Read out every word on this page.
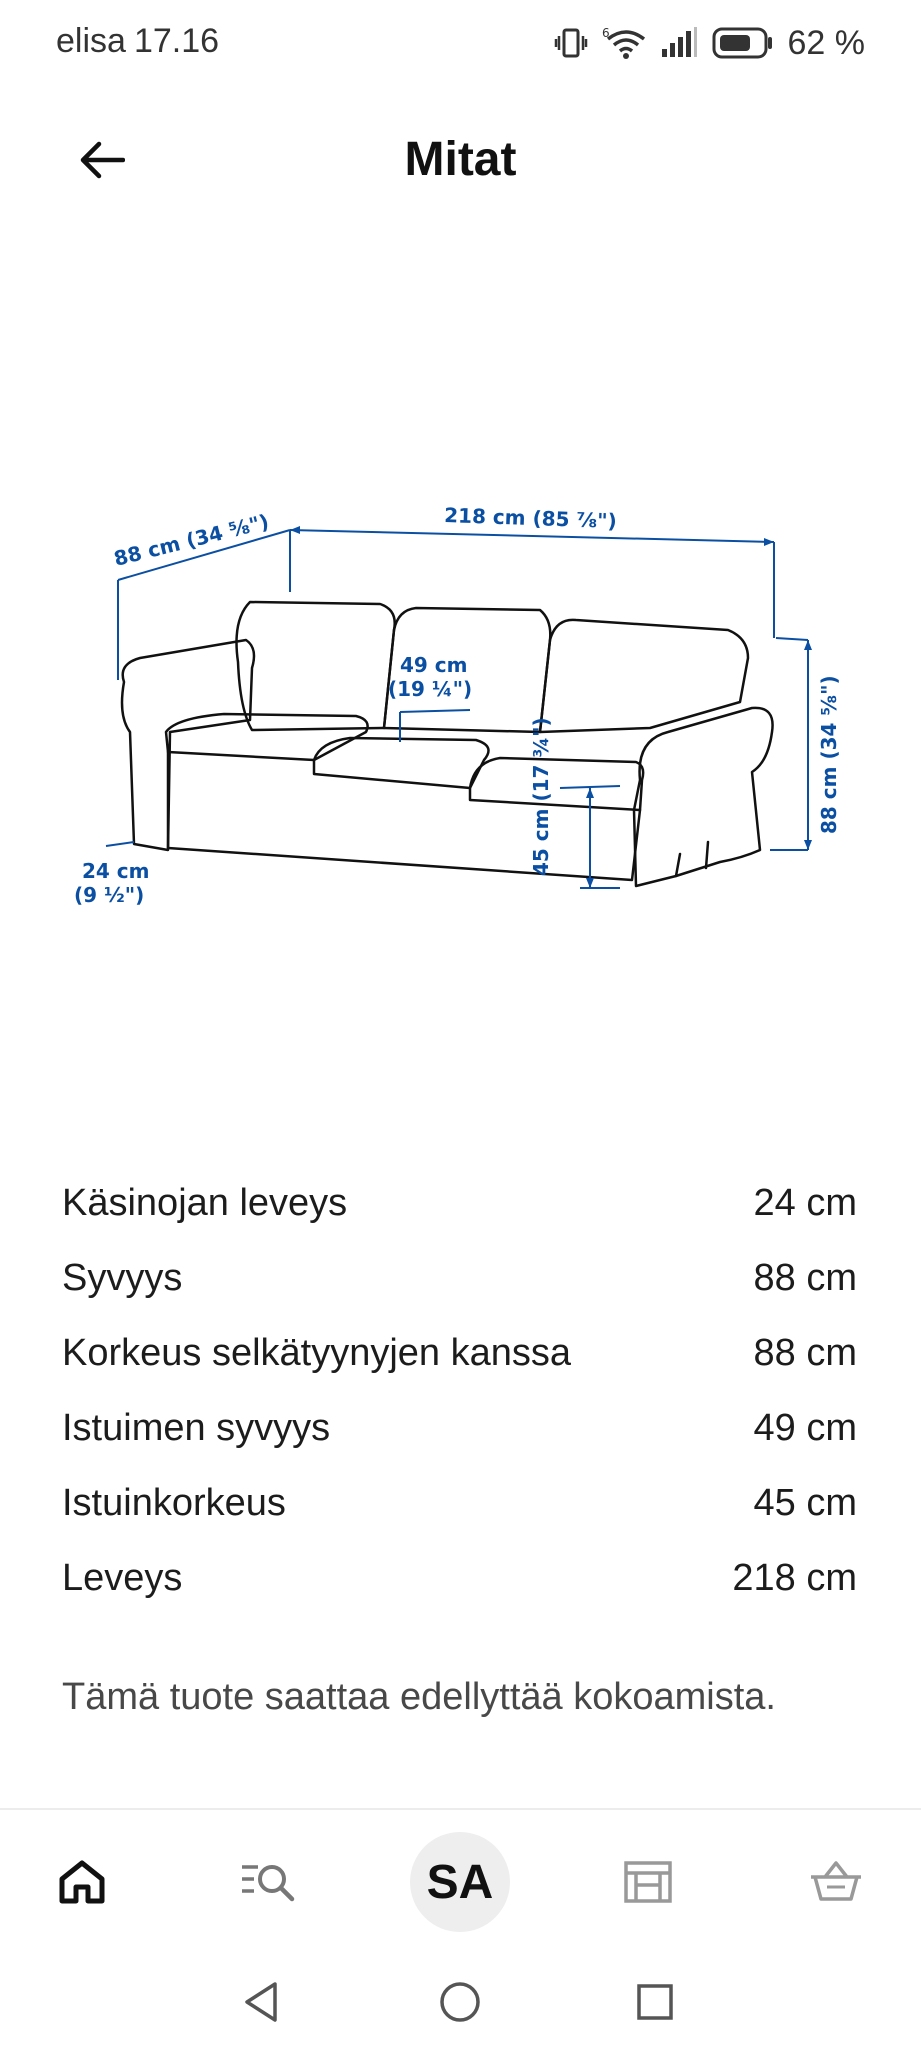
elisa 17.16	6	62 %
Mitat
88 cm (34 ⅝")	218 cm (85 ⅞")
49 cm
(19 ¼")	88 cm (34 ⅝")
45 cm (17 ¾")
24 cm
(9 ½")
Käsinojan leveys	24 cm
Syvyys	88 cm
Korkeus selkätyynyjen kanssa	88 cm
Istuimen syvyys	49 cm
Istuinkorkeus	45 cm
Leveys	218 cm
Tämä tuote saattaa edellyttää kokoamista.
SA
